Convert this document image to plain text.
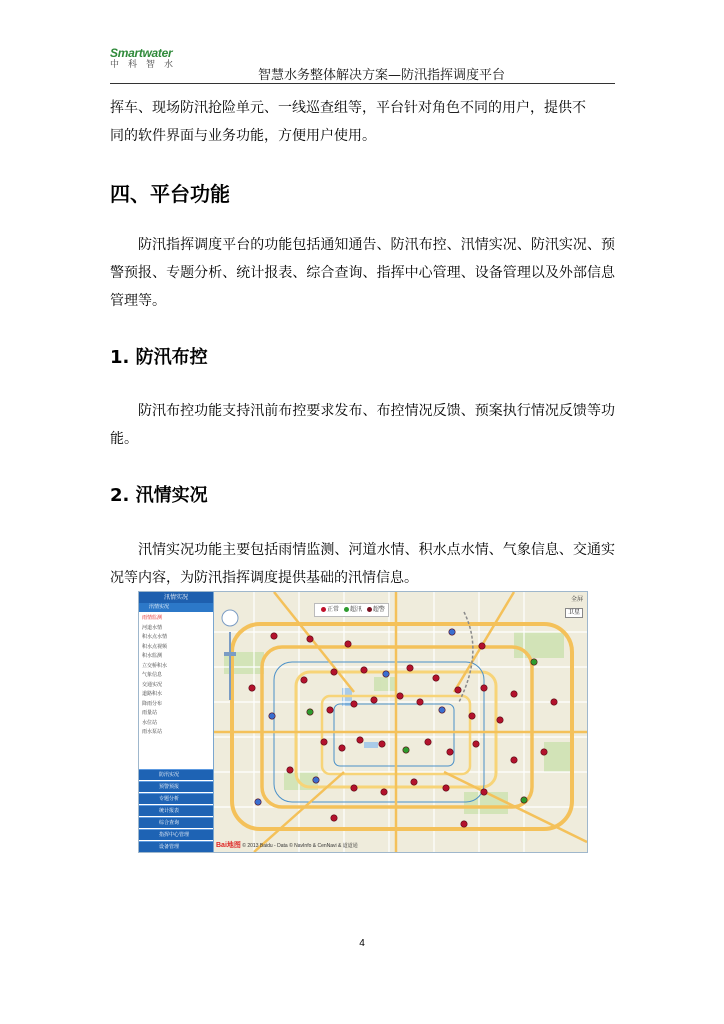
Smartwater
中科智水
智慧水务整体解决方案—防汛指挥调度平台

挥车、现场防汛抢险单元、一线巡查组等，平台针对角色不同的用户，提供不

同的软件界面与业务功能，方便用户使用。

四、平台功能

防汛指挥调度平台的功能包括通知通告、防汛布控、汛情实况、防汛实况、预警预报、专题分析、统计报表、综合查询、指挥中心管理、设备管理以及外部信息管理等。

1. 防汛布控

防汛布控功能支持汛前布控要求发布、布控情况反馈、预案执行情况反馈等功能。

2. 汛情实况

汛情实况功能主要包括雨情监测、河道水情、积水点水情、气象信息、交通实况等内容，为防汛指挥调度提供基础的汛情信息。

汛情实况
汛情实况
雨情监测
河道水情
积水点水情
积水点视频
积水监测
立交桥积水
气象信息
交通实况
道路积水
降雨分布
雨量站
水位站
雨水泵站
防汛实况
预警预报
专题分析
统计报表
综合查询
指挥中心管理
设备管理
正常 超汛 超警
全屏
卫星
Bai地图 © 2013 Baidu - Data © NavInfo & CenNavi & 道道通
4
